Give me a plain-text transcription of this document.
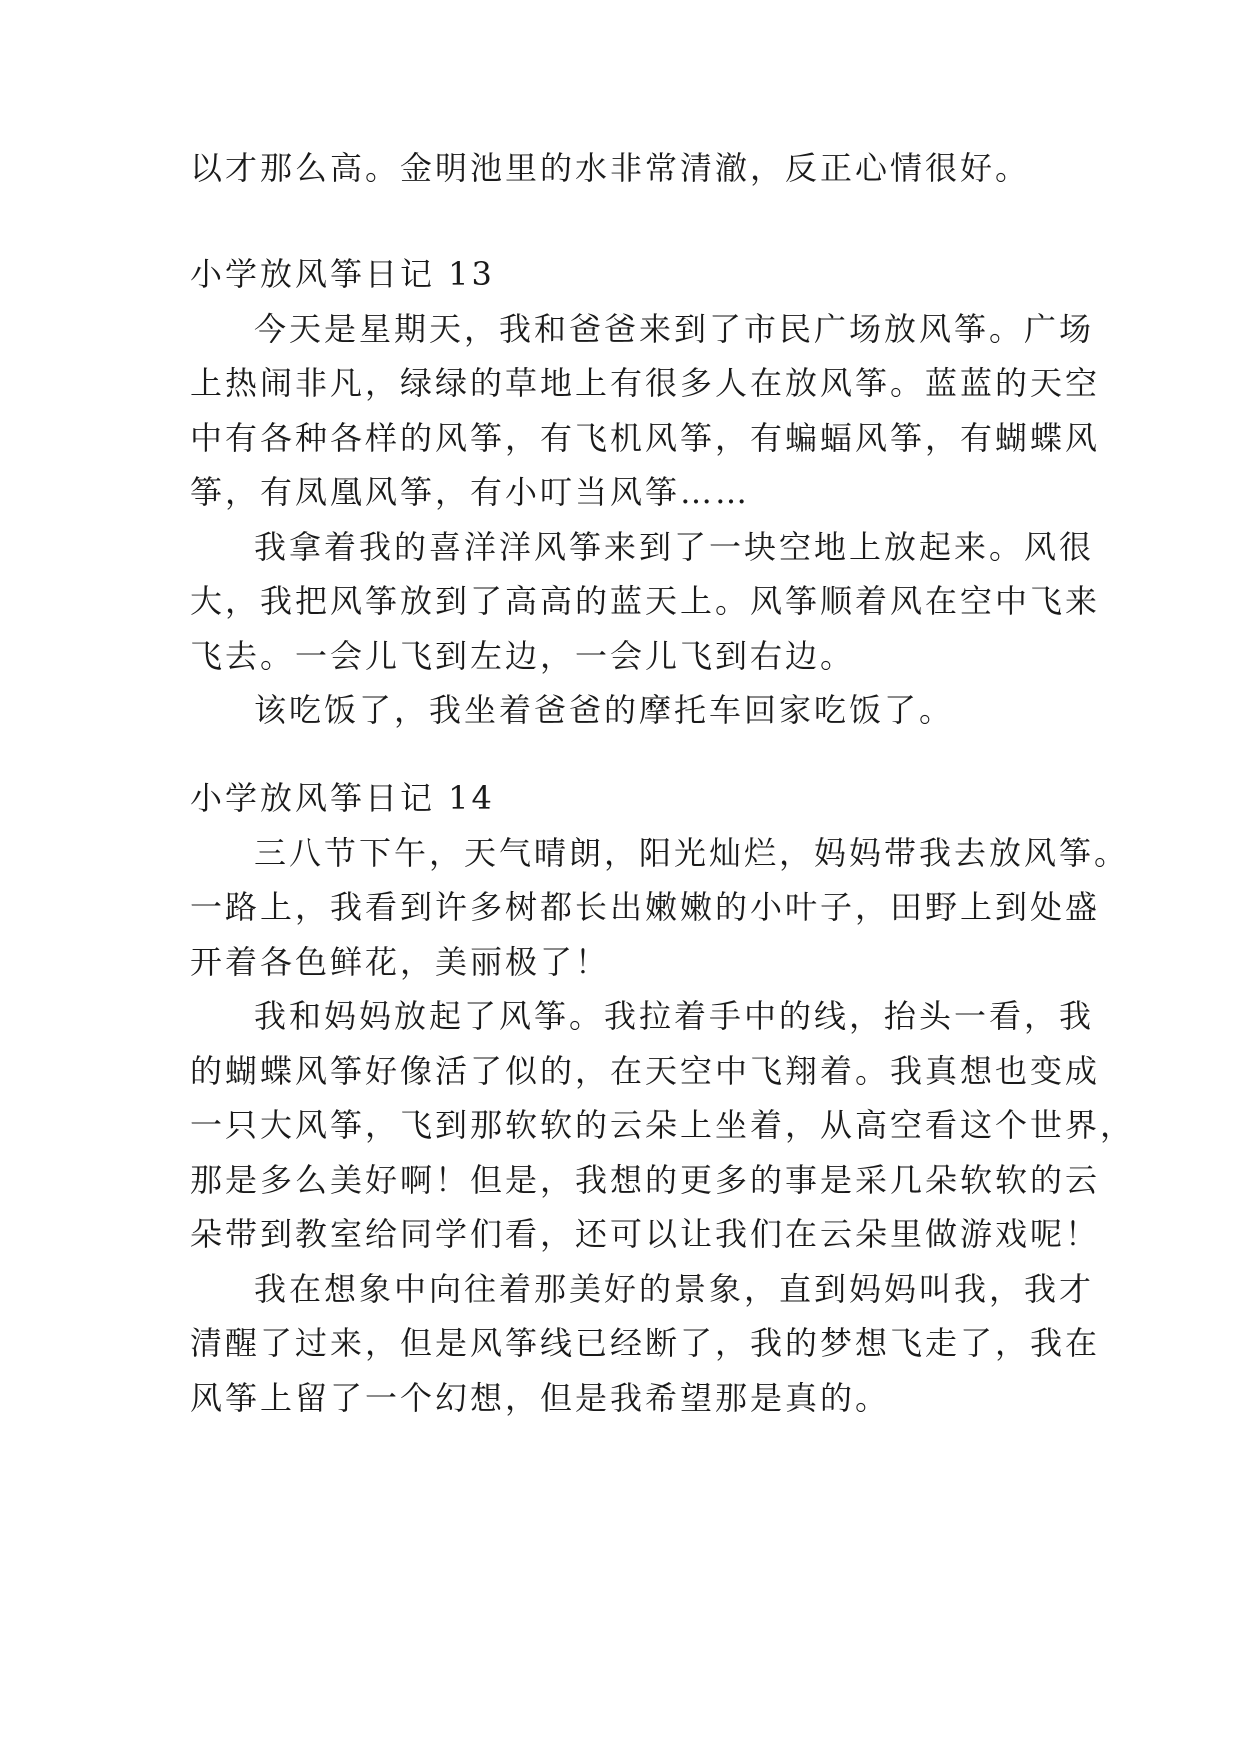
以才那么高。金明池里的水非常清澈，反正心情很好。
小学放风筝日记 13
今天是星期天，我和爸爸来到了市民广场放风筝。广场
上热闹非凡，绿绿的草地上有很多人在放风筝。蓝蓝的天空
中有各种各样的风筝，有飞机风筝，有蝙蝠风筝，有蝴蝶风
筝，有凤凰风筝，有小叮当风筝……
我拿着我的喜洋洋风筝来到了一块空地上放起来。风很
大，我把风筝放到了高高的蓝天上。风筝顺着风在空中飞来
飞去。一会儿飞到左边，一会儿飞到右边。
该吃饭了，我坐着爸爸的摩托车回家吃饭了。
小学放风筝日记 14
三八节下午，天气晴朗，阳光灿烂，妈妈带我去放风筝。
一路上，我看到许多树都长出嫩嫩的小叶子，田野上到处盛
开着各色鲜花，美丽极了！
我和妈妈放起了风筝。我拉着手中的线，抬头一看，我
的蝴蝶风筝好像活了似的，在天空中飞翔着。我真想也变成
一只大风筝，飞到那软软的云朵上坐着，从高空看这个世界，
那是多么美好啊！但是，我想的更多的事是采几朵软软的云
朵带到教室给同学们看，还可以让我们在云朵里做游戏呢！
我在想象中向往着那美好的景象，直到妈妈叫我，我才
清醒了过来，但是风筝线已经断了，我的梦想飞走了，我在
风筝上留了一个幻想，但是我希望那是真的。
